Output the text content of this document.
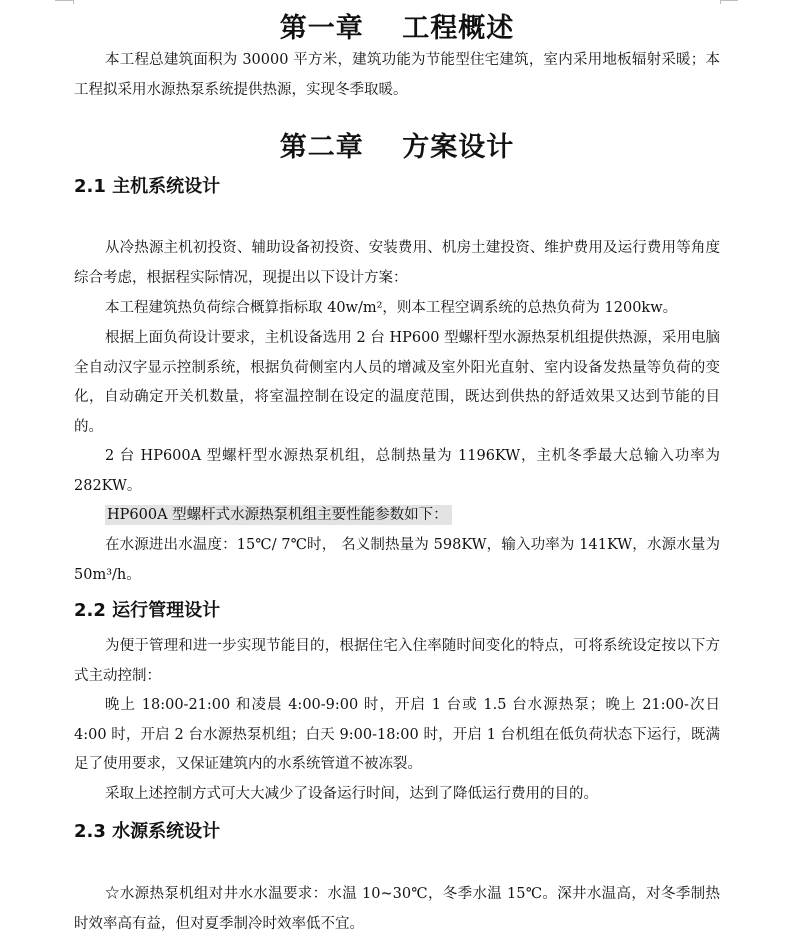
第一章　 工程概述

本工程总建筑面积为 30000 平方米，建筑功能为节能型住宅建筑，室内采用地板辐射采暖；本工程拟采用水源热泵系统提供热源，实现冬季取暖。

第二章　 方案设计
2.1 主机系统设计

从冷热源主机初投资、辅助设备初投资、安装费用、机房土建投资、维护费用及运行费用等角度综合考虑，根据程实际情况，现提出以下设计方案：

本工程建筑热负荷综合概算指标取 40w/m²，则本工程空调系统的总热负荷为 1200kw。

根据上面负荷设计要求，主机设备选用 2 台 HP600 型螺杆型水源热泵机组提供热源，采用电脑全自动汉字显示控制系统，根据负荷侧室内人员的增减及室外阳光直射、室内设备发热量等负荷的变化，自动确定开关机数量，将室温控制在设定的温度范围，既达到供热的舒适效果又达到节能的目的。

2 台 HP600A 型螺杆型水源热泵机组，总制热量为 1196KW，主机冬季最大总输入功率为 282KW。

HP600A 型螺杆式水源热泵机组主要性能参数如下：

在水源进出水温度：15℃/ 7℃时， 名义制热量为 598KW，输入功率为 141KW，水源水量为 50m³/h。

2.2 运行管理设计

为便于管理和进一步实现节能目的，根据住宅入住率随时间变化的特点，可将系统设定按以下方式主动控制：

晚上 18:00-21:00 和凌晨 4:00-9:00 时，开启 1 台或 1.5 台水源热泵；晚上 21:00-次日 4:00 时，开启 2 台水源热泵机组；白天 9:00-18:00 时，开启 1 台机组在低负荷状态下运行，既满足了使用要求，又保证建筑内的水系统管道不被冻裂。

采取上述控制方式可大大减少了设备运行时间，达到了降低运行费用的目的。

2.3 水源系统设计

☆水源热泵机组对井水水温要求：水温 10~30℃，冬季水温 15℃。深井水温高，对冬季制热时效率高有益，但对夏季制冷时效率低不宜。
